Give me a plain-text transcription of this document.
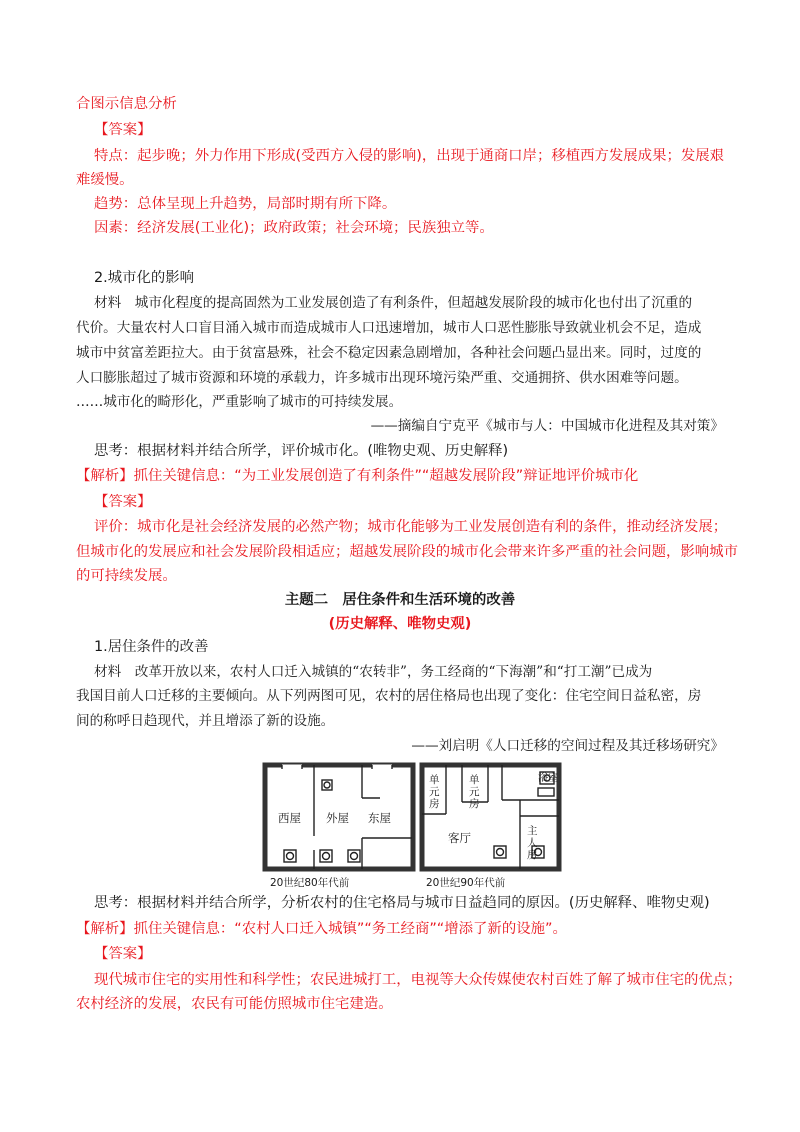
合图示信息分析
【答案】
特点：起步晚；外力作用下形成(受西方入侵的影响)，出现于通商口岸；移植西方发展成果；发展艰
难缓慢。
趋势：总体呈现上升趋势，局部时期有所下降。
因素：经济发展(工业化)；政府政策；社会环境；民族独立等。
2.城市化的影响
材料　城市化程度的提高固然为工业发展创造了有利条件，但超越发展阶段的城市化也付出了沉重的
代价。大量农村人口盲目涌入城市而造成城市人口迅速增加，城市人口恶性膨胀导致就业机会不足，造成
城市中贫富差距拉大。由于贫富悬殊，社会不稳定因素急剧增加，各种社会问题凸显出来。同时，过度的
人口膨胀超过了城市资源和环境的承载力，许多城市出现环境污染严重、交通拥挤、供水困难等问题。
……城市化的畸形化，严重影响了城市的可持续发展。
——摘编自宁克平《城市与人：中国城市化进程及其对策》
思考：根据材料并结合所学，评价城市化。(唯物史观、历史解释)
【解析】抓住关键信息：“为工业发展创造了有利条件”“超越发展阶段”辩证地评价城市化
【答案】
评价：城市化是社会经济发展的必然产物；城市化能够为工业发展创造有利的条件，推动经济发展；
但城市化的发展应和社会发展阶段相适应；超越发展阶段的城市化会带来许多严重的社会问题，影响城市
的可持续发展。
主题二　居住条件和生活环境的改善
(历史解释、唯物史观)
1.居住条件的改善
材料　改革开放以来，农村人口迁入城镇的“农转非”，务工经商的“下海潮”和“打工潮”已成为
我国目前人口迁移的主要倾向。从下列两图可见，农村的居住格局也出现了变化：住宅空间日益私密，房
间的称呼日趋现代，并且增添了新的设施。
——刘启明《人口迁移的空间过程及其迁移场研究》
西屋 外屋 东屋
20世纪80年代前
单
元
房
单
元
房
浴室
客厅	主
人
房
20世纪90年代前
思考：根据材料并结合所学，分析农村的住宅格局与城市日益趋同的原因。(历史解释、唯物史观)
【解析】抓住关键信息：“农村人口迁入城镇”“务工经商”“增添了新的设施”。
【答案】
现代城市住宅的实用性和科学性；农民进城打工，电视等大众传媒使农村百姓了解了城市住宅的优点；
农村经济的发展，农民有可能仿照城市住宅建造。
